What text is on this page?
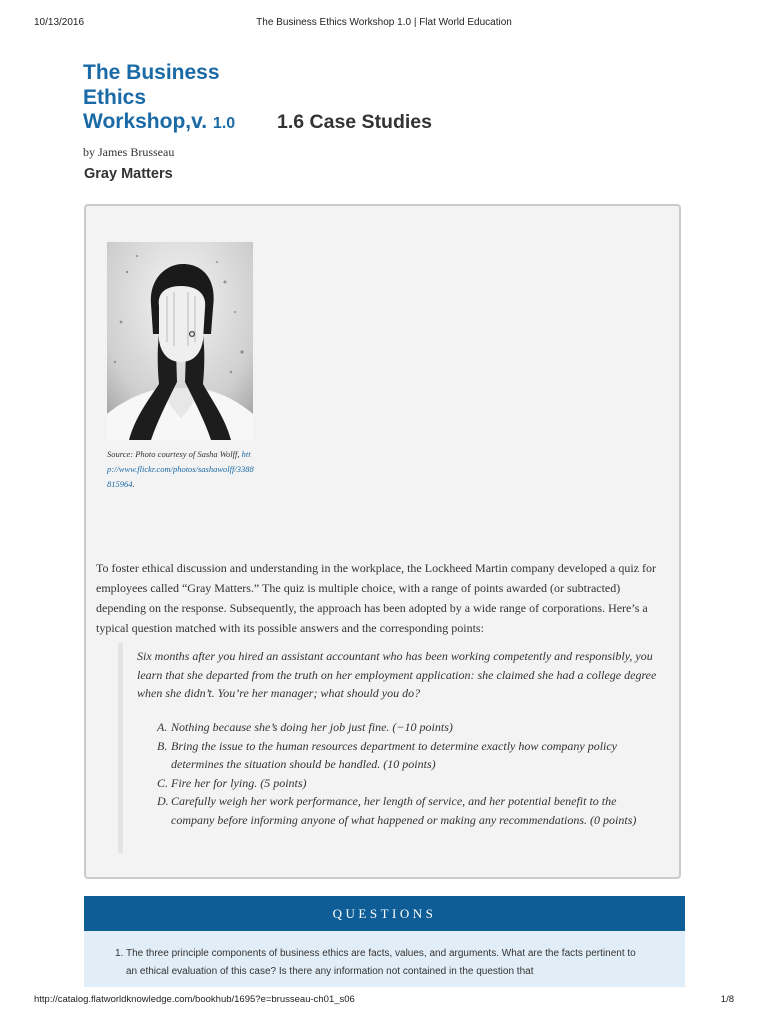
10/13/2016	The Business Ethics Workshop 1.0 | Flat World Education
The Business
Ethics
Workshop,v. 1.0	1.6 Case Studies
by James Brusseau
Gray Matters
Source: Photo courtesy of Sasha Wolff, http://www.flickr.com/photos/sashawolff/3388815964.

To foster ethical discussion and understanding in the workplace, the Lockheed Martin company developed a quiz for employees called “Gray Matters.” The quiz is multiple choice, with a range of points awarded (or subtracted) depending on the response. Subsequently, the approach has been adopted by a wide range of corporations. Here’s a typical question matched with its possible answers and the corresponding points:

Six months after you hired an assistant accountant who has been working competently and responsibly, you learn that she departed from the truth on her employment application: she claimed she had a college degree when she didn’t. You’re her manager; what should you do?

A. Nothing because she’s doing her job just fine. (−10 points)
B. Bring the issue to the human resources department to determine exactly how company policy determines the situation should be handled. (10 points)
C. Fire her for lying. (5 points)
D. Carefully weigh her work performance, her length of service, and her potential benefit to the company before informing anyone of what happened or making any recommendations. (0 points)
QUESTIONS
1. The three principle components of business ethics are facts, values, and arguments. What are the facts pertinent to an ethical evaluation of this case? Is there any information not contained in the question that
http://catalog.flatworldknowledge.com/bookhub/1695?e=brusseau-ch01_s06	1/8
